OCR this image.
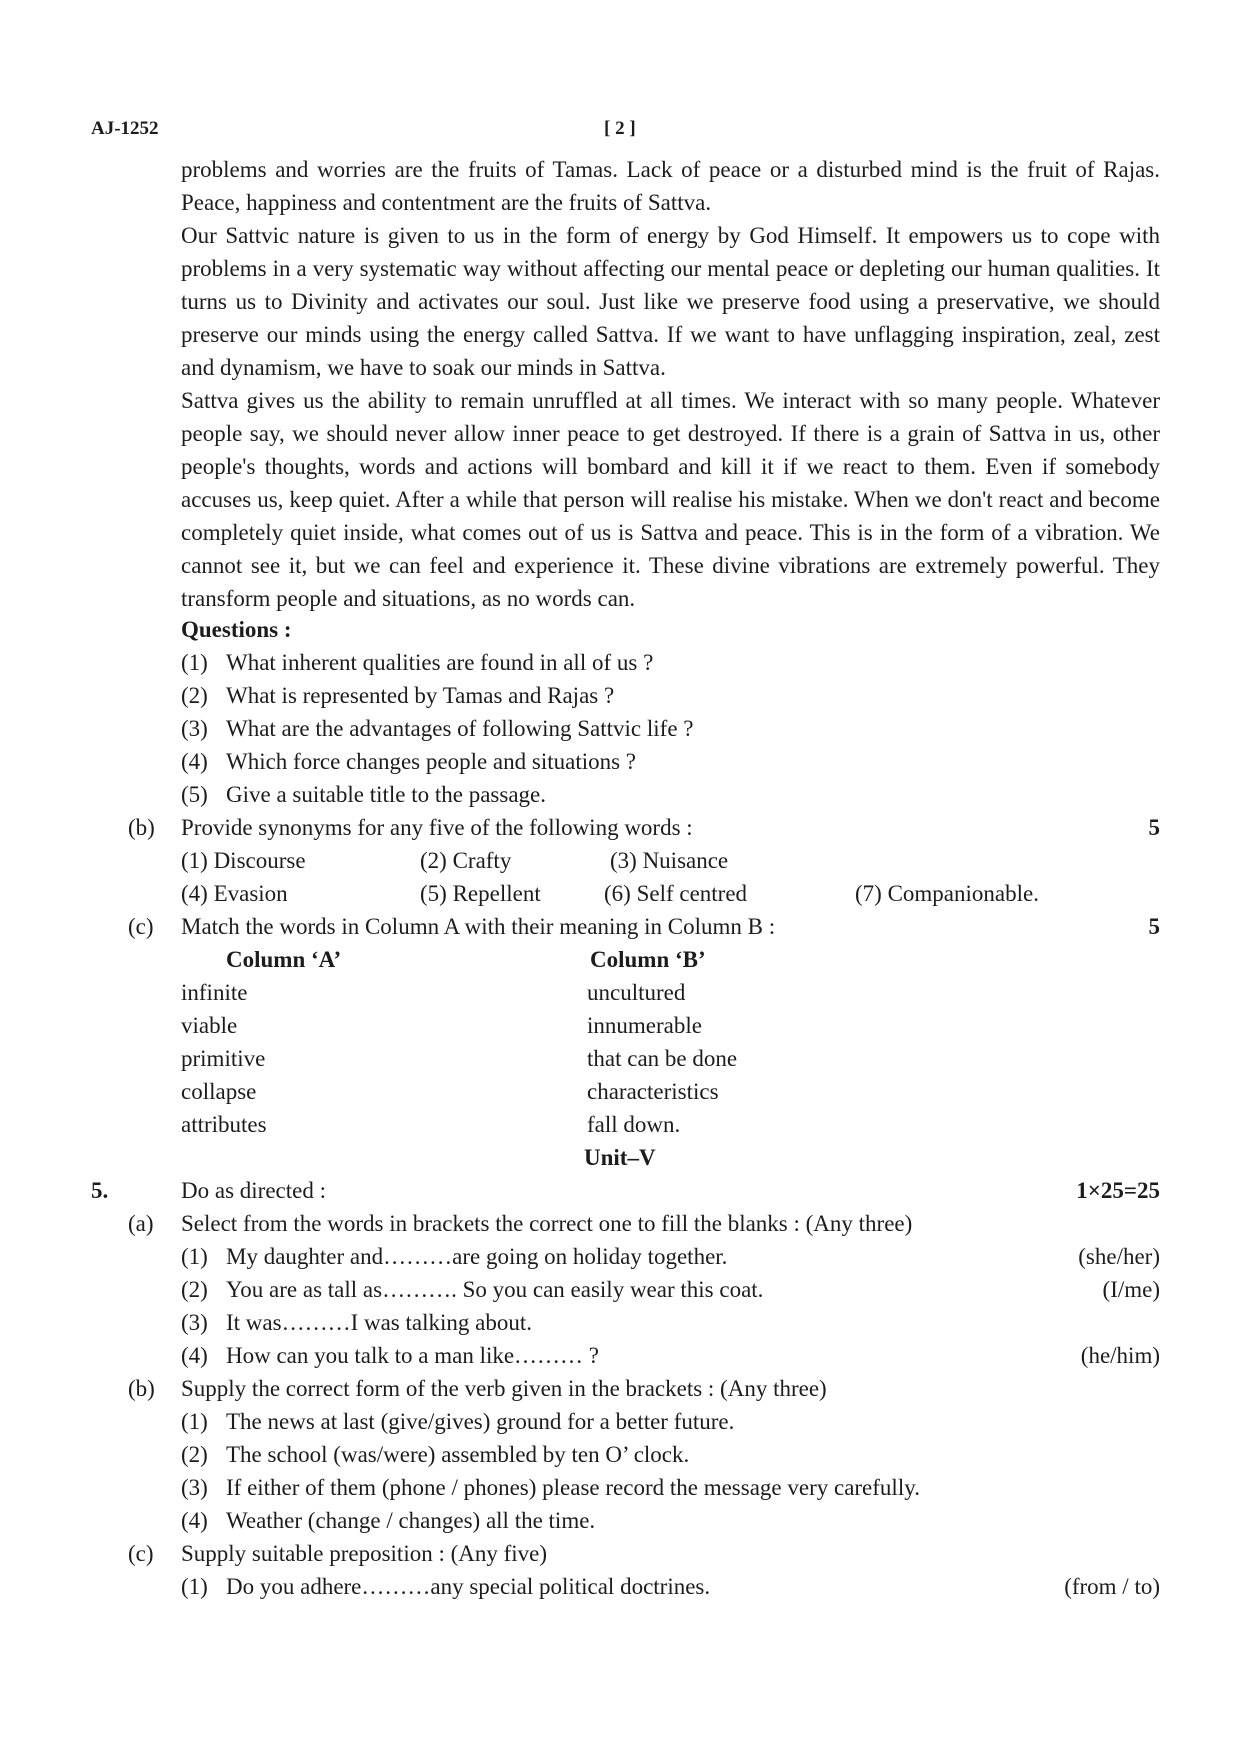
AJ-1252	[ 2 ]

problems and worries are the fruits of Tamas. Lack of peace or a disturbed mind is the fruit of Rajas. Peace, happiness and contentment are the fruits of Sattva.

Our Sattvic nature is given to us in the form of energy by God Himself. It empowers us to cope with problems in a very systematic way without affecting our mental peace or depleting our human qualities. It turns us to Divinity and activates our soul. Just like we preserve food using a preservative, we should preserve our minds using the energy called Sattva. If we want to have unflagging inspiration, zeal, zest and dynamism, we have to soak our minds in Sattva.

Sattva gives us the ability to remain unruffled at all times. We interact with so many people. Whatever people say, we should never allow inner peace to get destroyed. If there is a grain of Sattva in us, other people's thoughts, words and actions will bombard and kill it if we react to them. Even if somebody accuses us, keep quiet. After a while that person will realise his mistake. When we don't react and become completely quiet inside, what comes out of us is Sattva and peace. This is in the form of a vibration. We cannot see it, but we can feel and experience it. These divine vibrations are extremely powerful. They transform people and situations, as no words can.

Questions :
(1) What inherent qualities are found in all of us ?
(2) What is represented by Tamas and Rajas ?
(3) What are the advantages of following Sattvic life ?
(4) Which force changes people and situations ?
(5) Give a suitable title to the passage.
(b) Provide synonyms for any five of the following words :	5
(1) Discourse	(2) Crafty	(3) Nuisance
(4) Evasion	(5) Repellent	(6) Self centred	(7) Companionable.
(c) Match the words in Column A with their meaning in Column B :	5
Column ‘A’	Column ‘B’
infinite	uncultured
viable	innumerable
primitive	that can be done
collapse	characteristics
attributes	fall down.
Unit–V
5.	Do as directed :	1×25=25
(a) Select from the words in brackets the correct one to fill the blanks : (Any three)
(1) My daughter and………are going on holiday together.	(she/her)
(2) You are as tall as………. So you can easily wear this coat.	(I/me)
(3) It was………I was talking about.
(4) How can you talk to a man like……… ?	(he/him)
(b) Supply the correct form of the verb given in the brackets : (Any three)
(1) The news at last (give/gives) ground for a better future.
(2) The school (was/were) assembled by ten O’ clock.
(3) If either of them (phone / phones) please record the message very carefully.
(4) Weather (change / changes) all the time.
(c) Supply suitable preposition : (Any five)
(1) Do you adhere………any special political doctrines.	(from / to)
